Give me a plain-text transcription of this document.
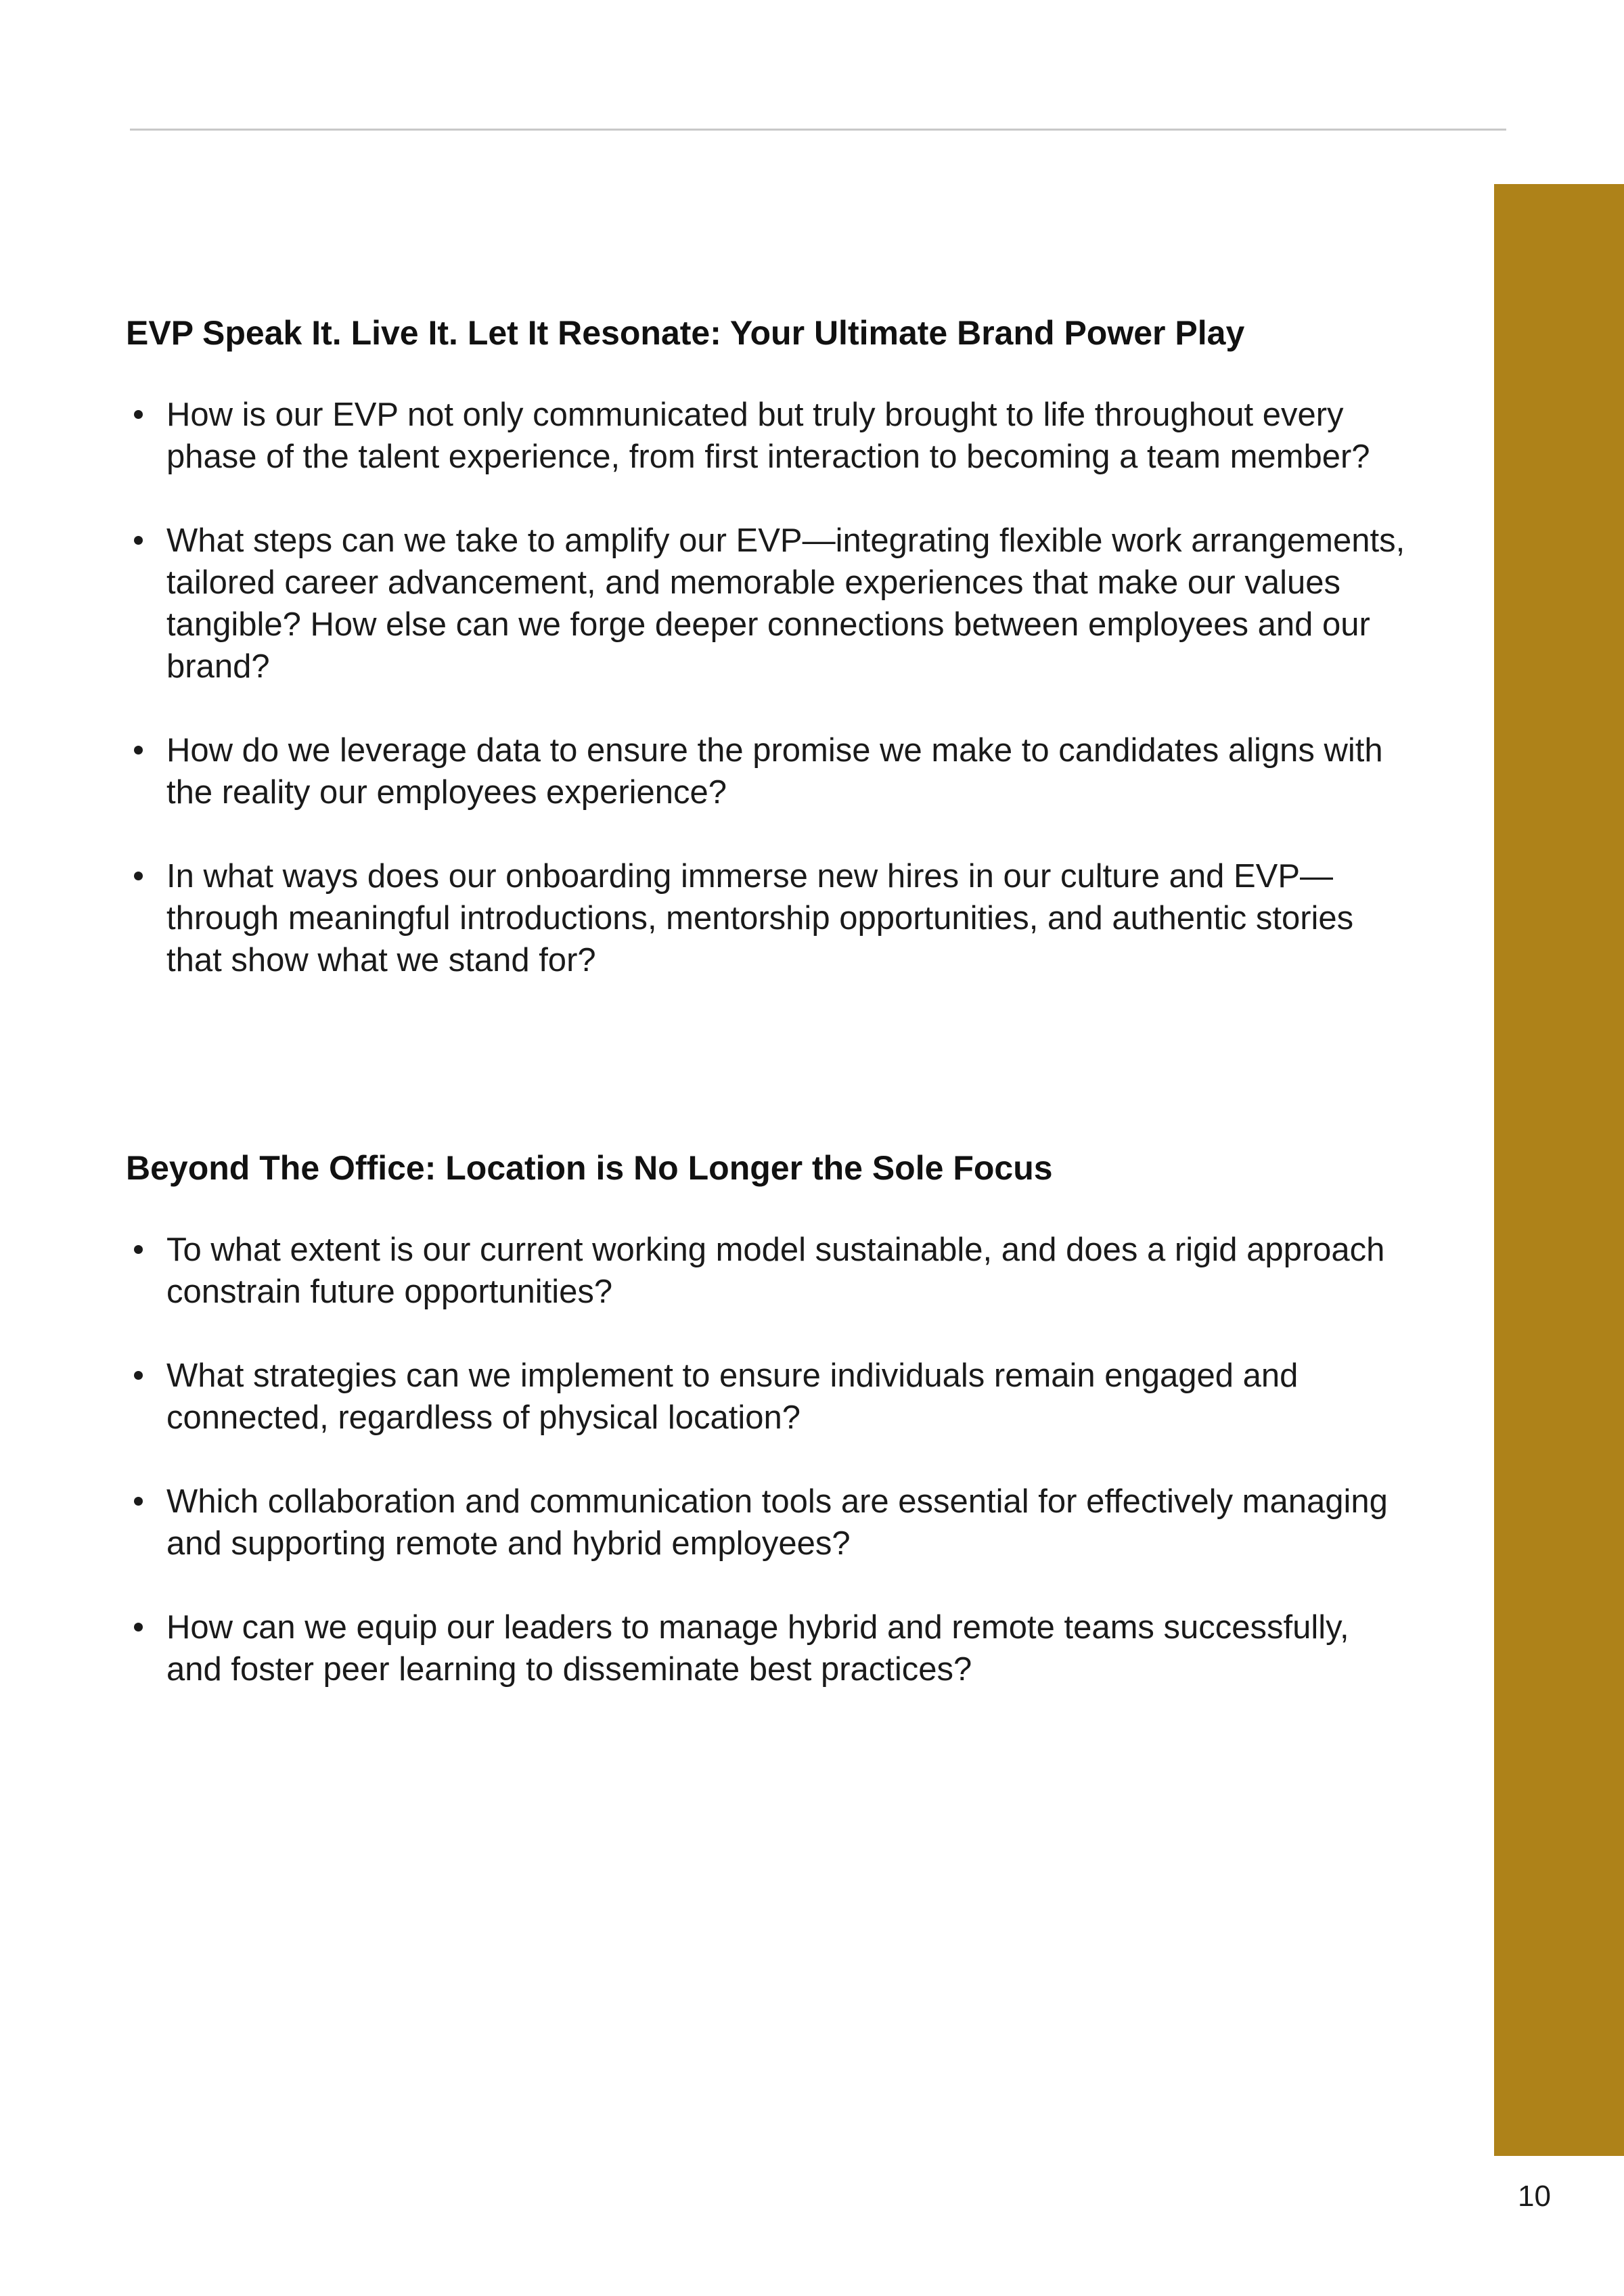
EVP Speak It. Live It. Let It Resonate: Your Ultimate Brand Power Play
How is our EVP not only communicated but truly brought to life throughout every phase of the talent experience, from first interaction to becoming a team member?
What steps can we take to amplify our EVP—integrating flexible work arrangements, tailored career advancement, and memorable experiences that make our values tangible? How else can we forge deeper connections between employees and our brand?
How do we leverage data to ensure the promise we make to candidates aligns with the reality our employees experience?
In what ways does our onboarding immerse new hires in our culture and EVP—through meaningful introductions, mentorship opportunities, and authentic stories that show what we stand for?
Beyond The Office: Location is No Longer the Sole Focus
To what extent is our current working model sustainable, and does a rigid approach constrain future opportunities?
What strategies can we implement to ensure individuals remain engaged and connected, regardless of physical location?
Which collaboration and communication tools are essential for effectively managing and supporting remote and hybrid employees?
How can we equip our leaders to manage hybrid and remote teams successfully, and foster peer learning to disseminate best practices?
10
